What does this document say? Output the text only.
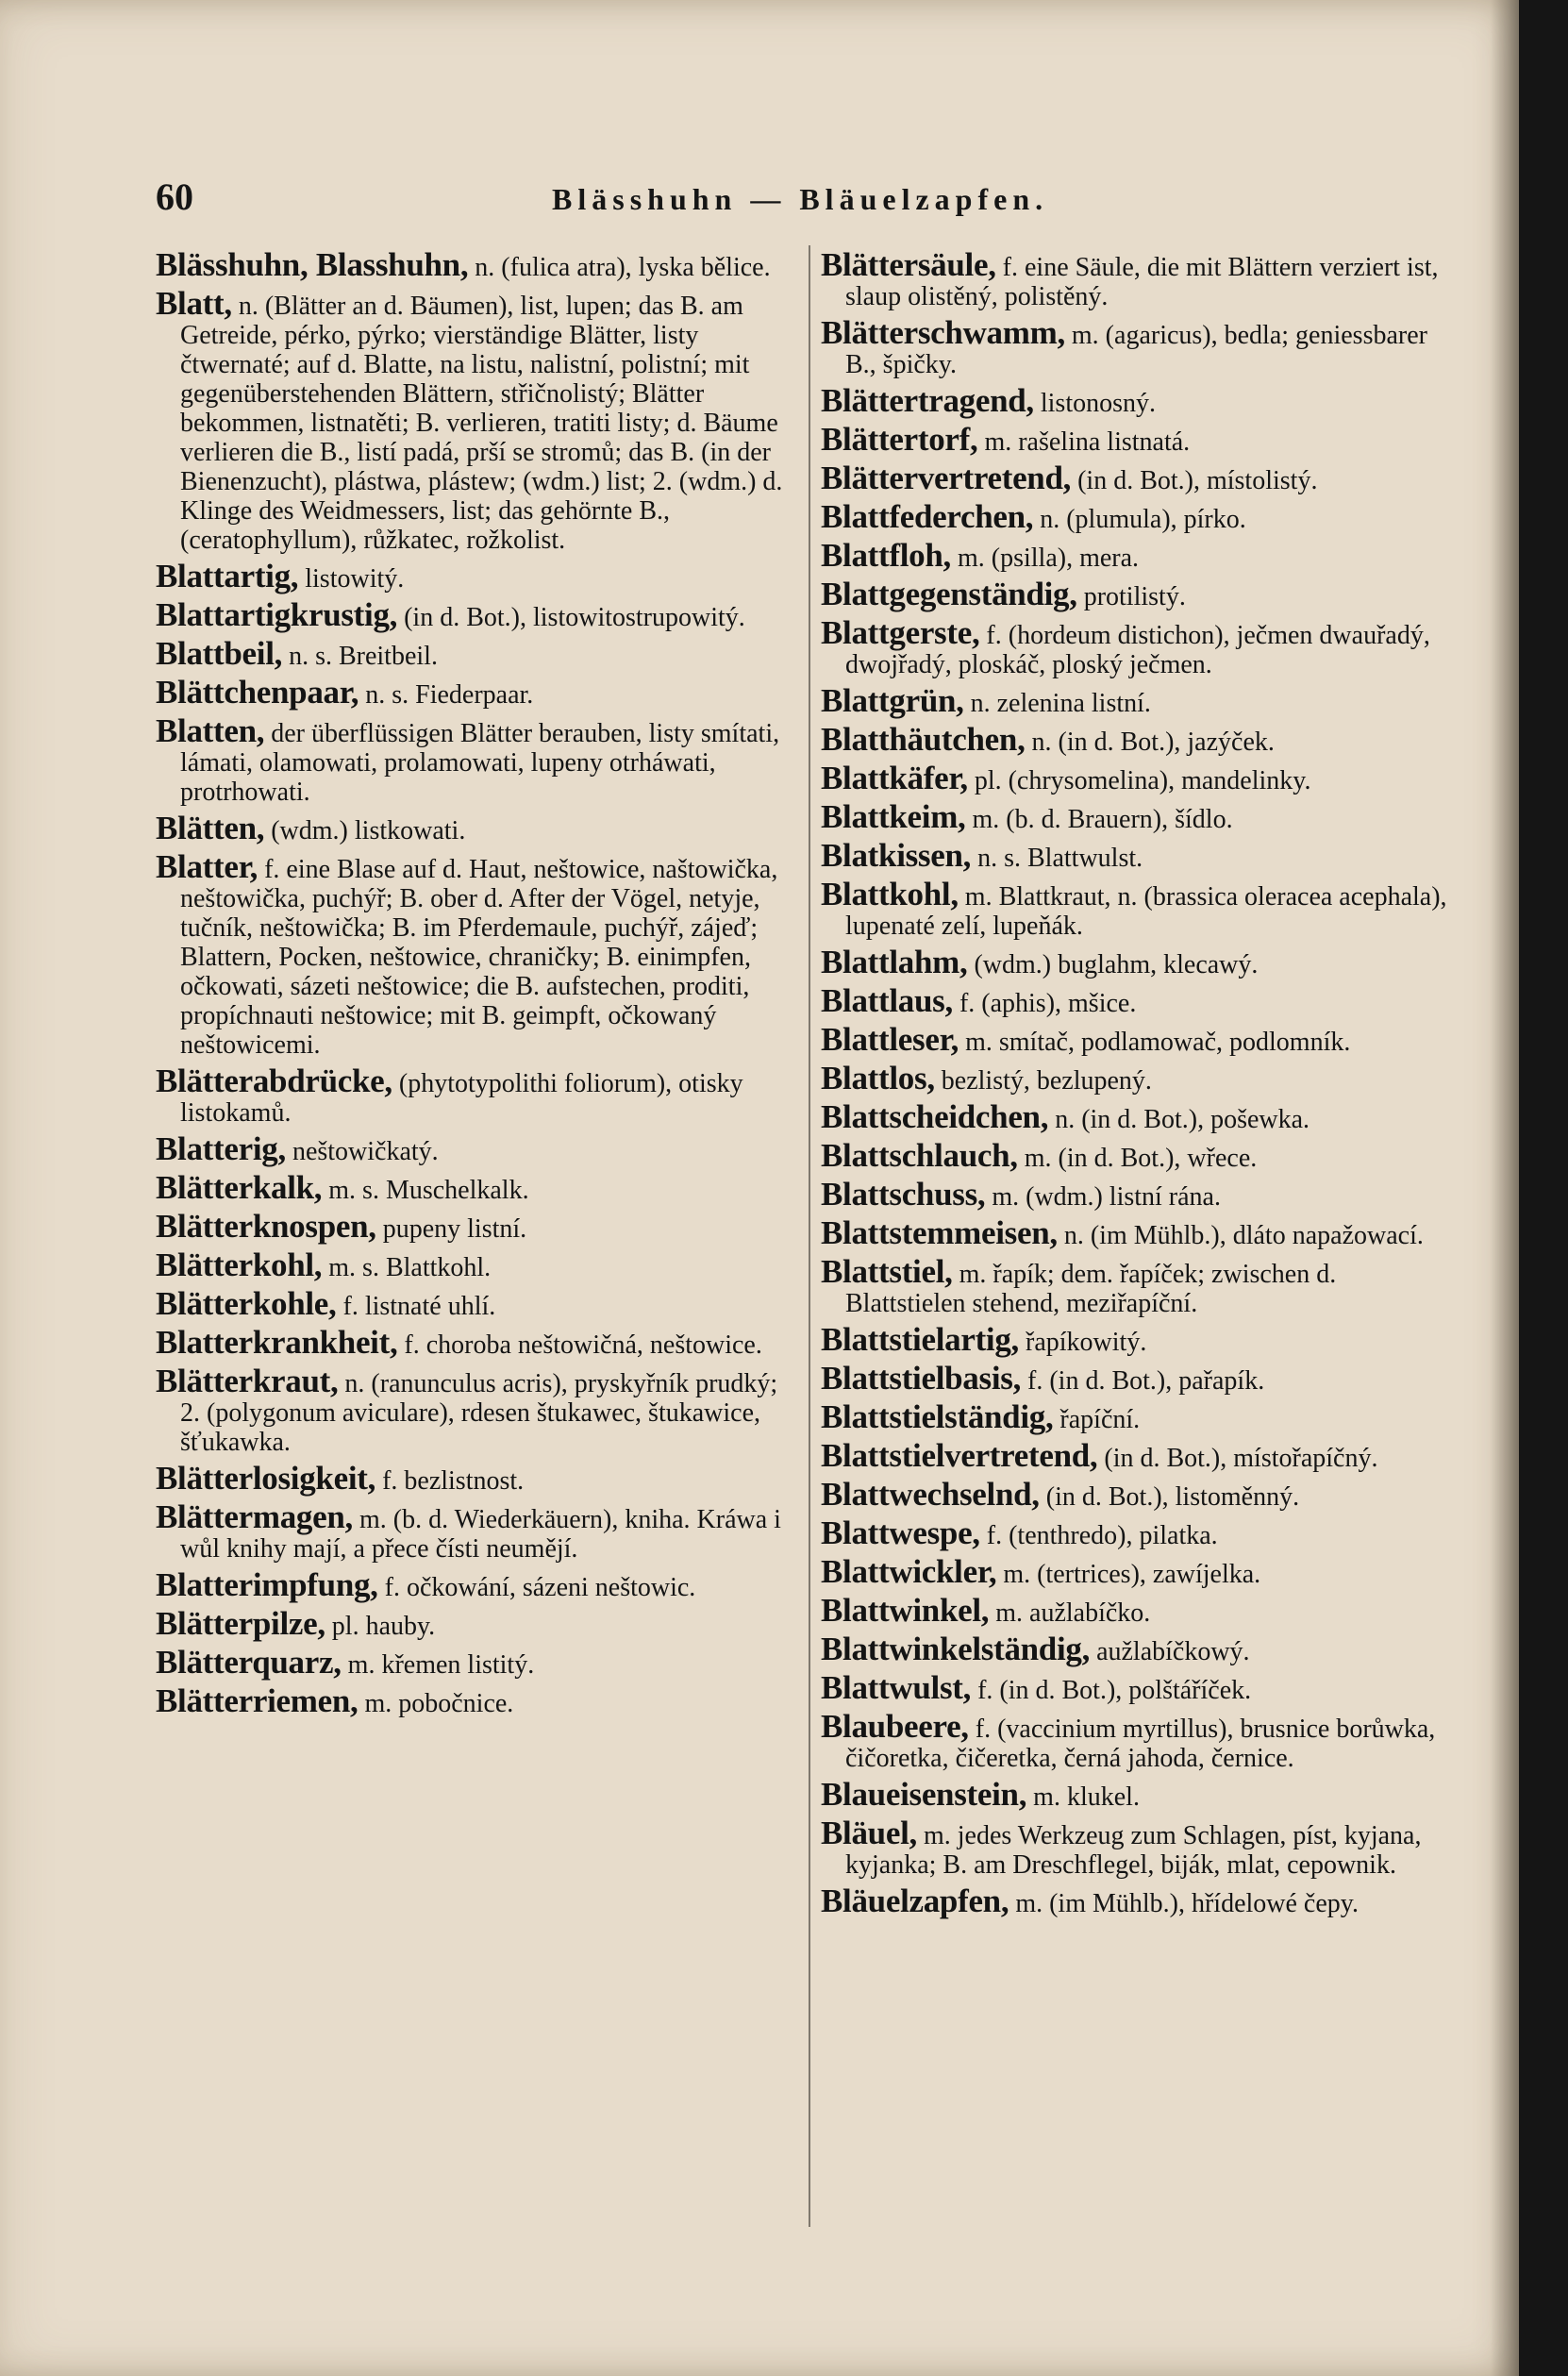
60	Blässhuhn — Bläuelzapfen.
Blässhuhn, Blasshuhn, n. (fulica atra), lyska bělice.
Blatt, n. (Blätter an d. Bäumen), list, lupen; das B. am Getreide, pérko, pýrko; vierständige Blätter, listy čtwernaté; auf d. Blatte, na listu, nalistní, polistní; mit gegenüberstehenden Blättern, střičnolistý; Blätter bekommen, listnatěti; B. verlieren, tratiti listy; d. Bäume verlieren die B., listí padá, prší se stromů; das B. (in der Bienenzucht), plástwa, plástew; (wdm.) list; 2. (wdm.) d. Klinge des Weidmessers, list; das gehörnte B., (ceratophyllum), růžkatec, rožkolist.
Blattartig, listowitý.
Blattartigkrustig, (in d. Bot.), listowitostrupowitý.
Blattbeil, n. s. Breitbeil.
Blättchenpaar, n. s. Fiederpaar.
Blatten, der überflüssigen Blätter berauben, listy smítati, lámati, olamowati, prolamowati, lupeny otrháwati, protrhowati.
Blätten, (wdm.) listkowati.
Blatter, f. eine Blase auf d. Haut, neštowice, naštowička, neštowička, puchýř; B. ober d. After der Vögel, netyje, tučník, neštowička; B. im Pferdemaule, puchýř, zájeď; Blattern, Pocken, neštowice, chraničky; B. einimpfen, očkowati, sázeti neštowice; die B. aufstechen, proditi, propíchnauti neštowice; mit B. geimpft, očkowaný neštowicemi.
Blätterabdrücke, (phytotypolithi foliorum), otisky listokamů.
Blatterig, neštowičkatý.
Blätterkalk, m. s. Muschelkalk.
Blätterknospen, pupeny listní.
Blätterkohl, m. s. Blattkohl.
Blätterkohle, f. listnaté uhlí.
Blatterkrankheit, f. choroba neštowičná, neštowice.
Blätterkraut, n. (ranunculus acris), pryskyřník prudký; 2. (polygonum aviculare), rdesen štukawec, štukawice, šťukawka.
Blätterlosigkeit, f. bezlistnost.
Blättermagen, m. (b. d. Wiederkäuern), kniha. Kráwa i wůl knihy mají, a přece čísti neumějí.
Blatterimpfung, f. očkowání, sázeni neštowic.
Blätterpilze, pl. hauby.
Blätterquarz, m. křemen listitý.
Blätterriemen, m. pobočnice.
Blättersäule, f. eine Säule, die mit Blättern verziert ist, slaup olistěný, polistěný.
Blätterschwamm, m. (agaricus), bedla; geniessbarer B., špičky.
Blättertragend, listonosný.
Blättertorf, m. rašelina listnatá.
Blättervertretend, (in d. Bot.), místolistý.
Blattfederchen, n. (plumula), pírko.
Blattfloh, m. (psilla), mera.
Blattgegenständig, protilistý.
Blattgerste, f. (hordeum distichon), ječmen dwauřadý, dwojřadý, ploskáč, ploský ječmen.
Blattgrün, n. zelenina listní.
Blatthäutchen, n. (in d. Bot.), jazýček.
Blattkäfer, pl. (chrysomelina), mandelinky.
Blattkeim, m. (b. d. Brauern), šídlo.
Blatkissen, n. s. Blattwulst.
Blattkohl, m. Blattkraut, n. (brassica oleracea acephala), lupenaté zelí, lupeňák.
Blattlahm, (wdm.) buglahm, klecawý.
Blattlaus, f. (aphis), mšice.
Blattleser, m. smítač, podlamowač, podlomník.
Blattlos, bezlistý, bezlupený.
Blattscheidchen, n. (in d. Bot.), pošewka.
Blattschlauch, m. (in d. Bot.), wřece.
Blattschuss, m. (wdm.) listní rána.
Blattstemmeisen, n. (im Mühlb.), dláto napažowací.
Blattstiel, m. řapík; dem. řapíček; zwischen d. Blattstielen stehend, meziřapíční.
Blattstielartig, řapíkowitý.
Blattstielbasis, f. (in d. Bot.), pařapík.
Blattstielständig, řapíční.
Blattstielvertretend, (in d. Bot.), místořapíčný.
Blattwechselnd, (in d. Bot.), listoměnný.
Blattwespe, f. (tenthredo), pilatka.
Blattwickler, m. (tertrices), zawíjelka.
Blattwinkel, m. aužlabíčko.
Blattwinkelständig, aužlabíčkowý.
Blattwulst, f. (in d. Bot.), polštáříček.
Blaubeere, f. (vaccinium myrtillus), brusnice borůwka, čičoretka, čičeretka, černá jahoda, černice.
Blaueisenstein, m. klukel.
Bläuel, m. jedes Werkzeug zum Schlagen, píst, kyjana, kyjanka; B. am Dreschflegel, biják, mlat, cepownik.
Bläuelzapfen, m. (im Mühlb.), hřídelowé čepy.
